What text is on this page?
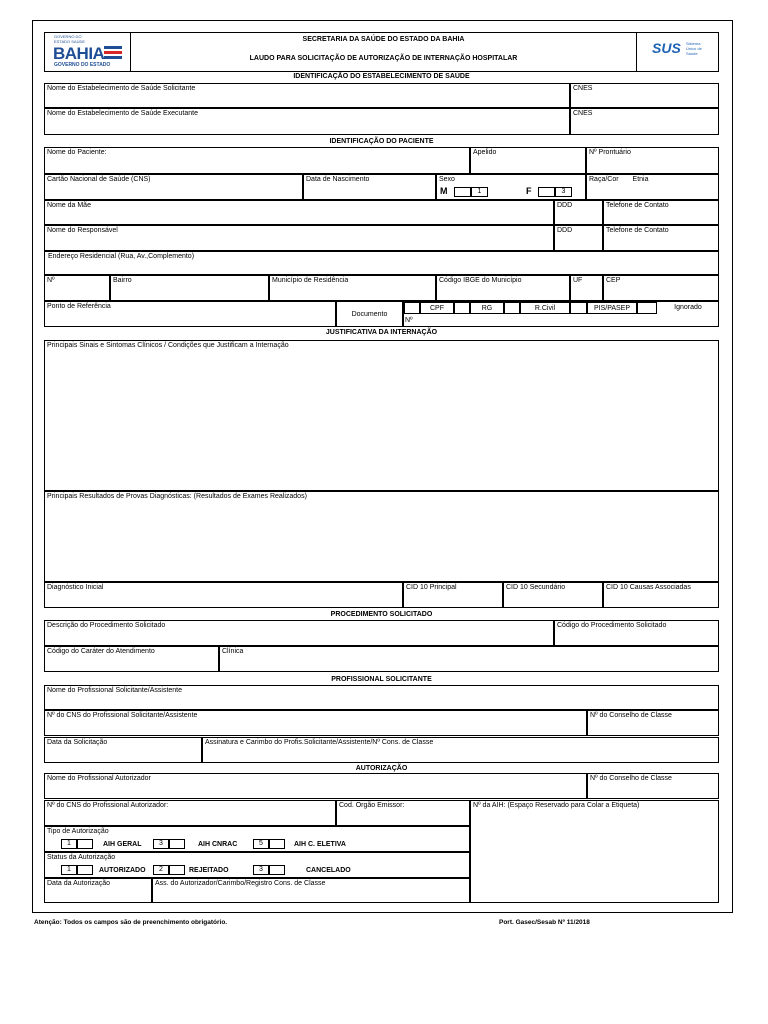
GOVERNO DO ESTADO SAÚDE
BAHIA
GOVERNO DO ESTADO
SECRETARIA DA SAÚDE DO ESTADO DA BAHIA
LAUDO PARA SOLICITAÇÃO DE AUTORIZAÇÃO DE INTERNAÇÃO HOSPITALAR
SUS Sistema Único de Saúde
IDENTIFICAÇÃO DO ESTABELECIMENTO DE SAÚDE
Nome do Estabelecimento de Saúde Solicitante	CNES
Nome do Estabelecimento de Saúde Executante	CNES
IDENTIFICAÇÃO DO PACIENTE
Nome do Paciente:	Apelido	Nº Prontuário
Cartão Nacional de Saúde (CNS)	Data de Nascimento	Sexo
M	1	F	3
Raça/Cor Etnia
Nome da Mãe	DDD	Telefone de Contato
Nome do Responsável	DDD	Telefone de Contato
Endereço Residencial (Rua, Av.,Complemento)
Nº	Bairro	Município de Residência	Código IBGE do Município	UF	CEP
Ponto de Referência
Documento
CPF	RG	R.Civil	PIS/PASEP	Ignorado
Nº
JUSTIFICATIVA DA INTERNAÇÃO
Principais Sinais e Sintomas Clínicos / Condições que Justificam a Internação
Principais Resultados de Provas Diagnósticas: (Resultados de Exames Realizados)
Diagnóstico Inicial	CID 10 Principal	CID 10 Secundário	CID 10 Causas Associadas
PROCEDIMENTO SOLICITADO
Descrição do Procedimento Solicitado	Código do Procedimento Solicitado
Código do Caráter do Atendimento	Clínica
PROFISSIONAL SOLICITANTE
Nome do Profissional Solicitante/Assistente
Nº do CNS do Profissional Solicitante/Assistente	Nº do Conselho de Classe
Data da Solicitação	Assinatura e Carimbo do Profis.Solicitante/Assistente/Nº Cons. de Classe
AUTORIZAÇÃO
Nome do Profissional Autorizador	Nº do Conselho de Classe
Nº do CNS do Profissional Autorizador:	Cod. Orgão Emissor:	Nº da AIH: (Espaço Reservado para Colar a Etiqueta)
Tipo de Autorização
1	AIH GERAL	3	AIH CNRAC	5	AIH C. ELETIVA
Status da Autorização
1	AUTORIZADO	2	REJEITADO	3	CANCELADO
Data da Autorização	Ass. do Autorizador/Carimbo/Registro Cons. de Classe
Atenção: Todos os campos são de preenchimento obrigatório.	Port. Gasec/Sesab Nº 11/2018
